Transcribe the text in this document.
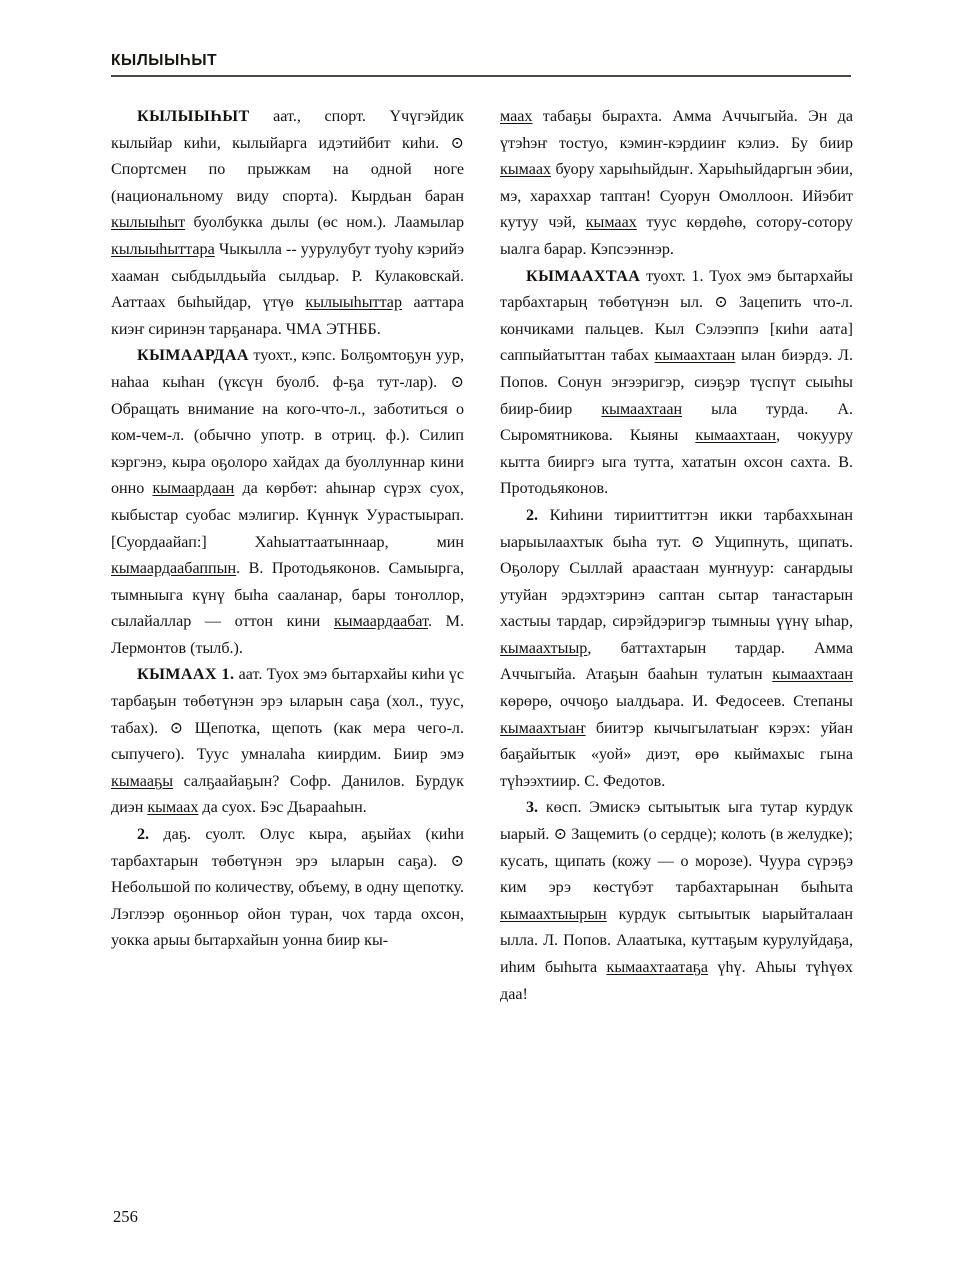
КЫЛЫЫҺЫТ

КЫЛЫЫҺЫТ аат., спорт. Үчүгэйдик кылыйар киһи, кылыйарга идэтийбит киһи. ⊙ Спортсмен по прыжкам на одной ноге (национальному виду спорта). Кырдьан баран кылыыһыт буолбукка дылы (өс ном.). Лаамылар кылыыһыттара Чыкылла -- уурулубут туоһу кэрийэ хааман сыбдылдьыйа сылдьар. Р. Кулаковскай. Ааттаах быһыйдар, үтүө кылыыһыттар ааттара киэҥ сиринэн тарҕанара. ЧМА ЭТНББ.

КЫМААРДАА туохт., кэпс. Болҕомтоҕун уур, наһаа кыһан (үксүн буолб. ф-ҕа тут-лар). ⊙ Обращать внимание на кого-что-л., заботиться о ком-чем-л. (обычно употр. в отриц. ф.). Силип кэргэнэ, кыра оҕолоро хайдах да буоллуннар кини онно кымаардаан да көрбөт: аһынар сүрэх суох, кыбыстар суобас мэлигир. Күннүк Уурастыырап. [Суордаайап:] Хаһыаттаатыннаар, мин кымаардаабаппын. В. Протодьяконов. Самыырга, тымныыга күнү быһа сааланар, бары тоҥоллор, сылайаллар — оттон кини кымаардаабат. М. Лермонтов (тылб.).

КЫМААХ 1. аат. Туох эмэ бытархайы киһи үс тарбаҕын төбөтүнэн эрэ ыларын саҕа (хол., туус, табах). ⊙ Щепотка, щепоть (как мера чего-л. сыпучего). Туус умналаһа киирдим. Биир эмэ кымааҕы салҕаайаҕын? Софр. Данилов. Бурдук диэн кымаах да суох. Бэс Дьарааһын.

2. даҕ. суолт. Олус кыра, аҕыйах (киһи тарбахтарын төбөтүнэн эрэ ыларын саҕа). ⊙ Небольшой по количеству, объему, в одну щепотку. Лэглээр оҕонньор ойон туран, чох тарда охсон, уокка арыы бытархайын уонна биир кы-

маах табаҕы бырахта. Амма Аччыгыйа. Эн да үтэһэҥ тостуо, кэмиҥ-кэрдииҥ кэлиэ. Бу биир кымаах буору харыһыйдыҥ. Харыһыйдаргын эбии, мэ, хараххар таптан! Суорун Омоллоон. Ийэбит кутуу чэй, кымаах туус көрдөһө, сотору-сотору ыалга барар. Кэпсээннэр.

КЫМААХТАА туохт. 1. Туох эмэ бытархайы тарбахтарың төбөтүнэн ыл. ⊙ Зацепить что-л. кончиками пальцев. Кыл Сэлээппэ [киһи аата] саппыйатыттан табах кымаахтаан ылан биэрдэ. Л. Попов. Сонун эҥээригэр, сиэҕэр түспүт сыыһы биир-биир кымаахтаан ыла турда. А. Сыромятникова. Кыяны кымаахтаан, чокууру кытта бииргэ ыга тутта, хататын охсон сахта. В. Протодьяконов.

2. Киһини тирииттиттэн икки тарбаххынан ыарыылаахтык быһа тут. ⊙ Ущипнуть, щипать. Оҕолору Сыллай араастаан муҥнуур: саҥардыы утуйан эрдэхтэринэ саптан сытар таҥастарын хастыы тардар, сирэйдэригэр тымныы үүнү ыһар, кымаахтыыр, баттахтарын тардар. Амма Аччыгыйа. Атаҕын баaһын тулатын кымаахтаан көрөрө, оччоҕо ыалдьара. И. Федосеев. Степаны кымаахтыаҥ биитэр кычыгылатыаҥ кэрэх: уйан баҕайытык «уой» диэт, өрө кыймахыс гына түһээхтиир. С. Федотов.

3. көсп. Эмискэ сытыытык ыга тутар курдук ыарый. ⊙ Защемить (о сердце); колоть (в желудке); кусать, щипать (кожу — о морозе). Чуура сүрэҕэ ким эрэ көстүбэт тарбахтарынан быһыта кымаахтыырын курдук сытыытык ыарыйталаан ылла. Л. Попов. Алаатыка, куттаҕым курулуйдаҕа, иһим быһыта кымаахтаатаҕа үһү. Аһыы түһүөх даа!

256
